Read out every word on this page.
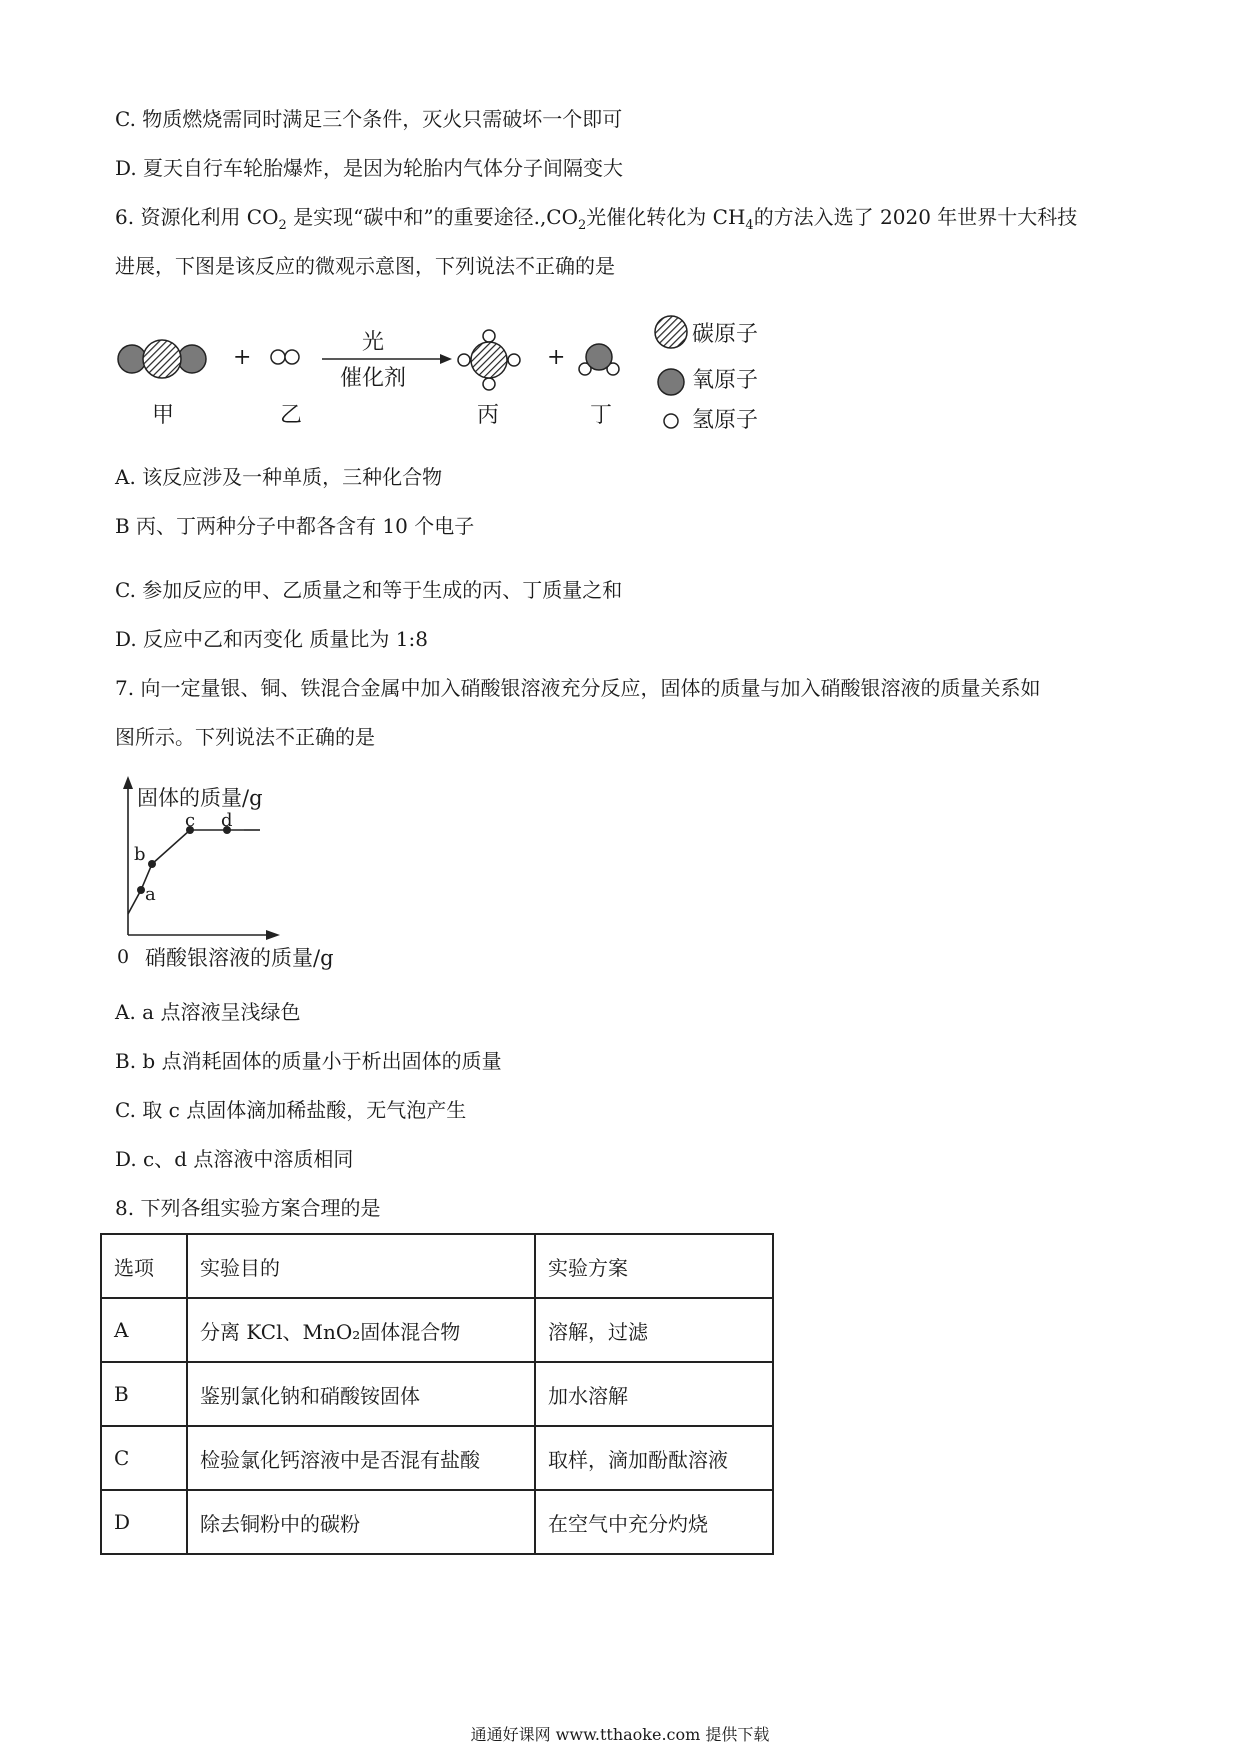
C. 物质燃烧需同时满足三个条件，灭火只需破坏一个即可
D. 夏天自行车轮胎爆炸，是因为轮胎内气体分子间隔变大
6. 资源化利用 $CO_2$ 是实现“碳中和”的重要途径$.,CO_2$光催化转化为 $CH_4$的方法入选了 2020 年世界十大科技
进展，下图是该反应的微观示意图，下列说法不正确的是
+	+
光
催化剂
甲	乙	丙	丁
碳原子
氧原子
氢原子
A. 该反应涉及一种单质，三种化合物
B 丙、丁两种分子中都各含有 10 个电子
C. 参加反应的甲、乙质量之和等于生成的丙、丁质量之和
D. 反应中乙和丙变化 质量比为 1:8
7. 向一定量银、铜、铁混合金属中加入硝酸银溶液充分反应，固体的质量与加入硝酸银溶液的质量关系如
图所示。下列说法不正确的是
固体的质量/g
a
b
c d
0 硝酸银溶液的质量/g
A. a 点溶液呈浅绿色
B. b 点消耗固体的质量小于析出固体的质量
C. 取 c 点固体滴加稀盐酸，无气泡产生
D. c、d 点溶液中溶质相同
8. 下列各组实验方案合理的是
选项	实验目的	实验方案
A	分离 KCl、MnO₂固体混合物	溶解，过滤
B	鉴别氯化钠和硝酸铵固体	加水溶解
C	检验氯化钙溶液中是否混有盐酸	取样，滴加酚酞溶液
D	除去铜粉中的碳粉	在空气中充分灼烧
通通好课网 www.tthaoke.com 提供下载
